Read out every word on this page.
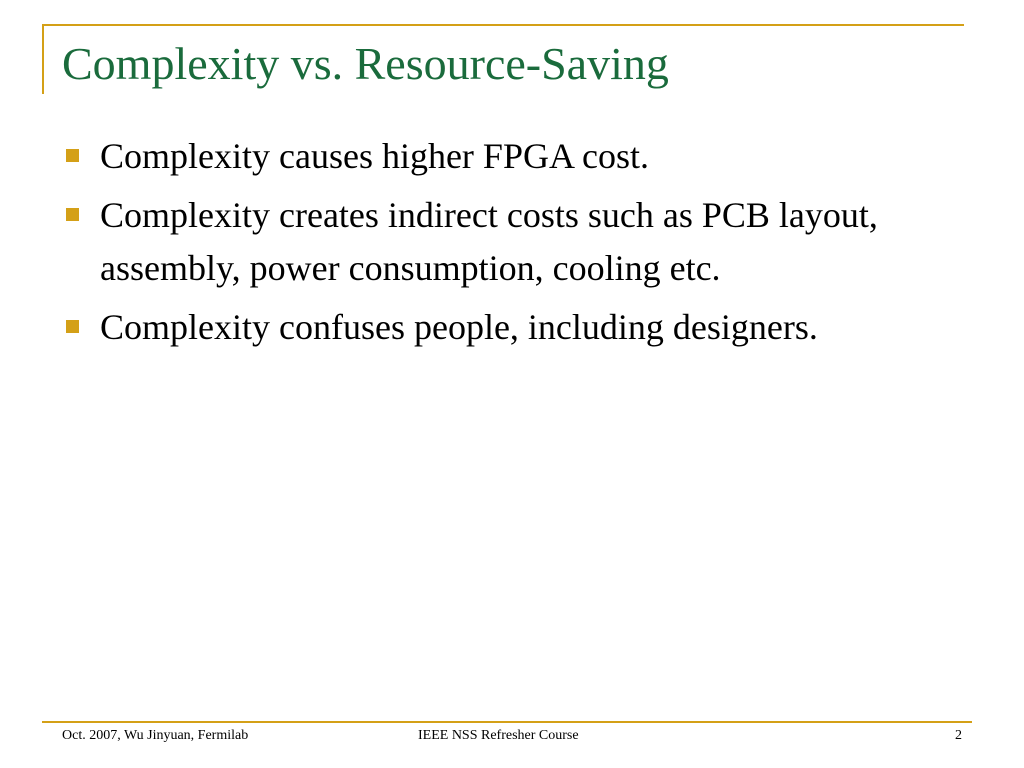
Complexity vs. Resource-Saving
Complexity causes higher FPGA cost.
Complexity creates indirect costs such as PCB layout, assembly, power consumption, cooling etc.
Complexity confuses people, including designers.
Oct. 2007, Wu Jinyuan, Fermilab	IEEE NSS Refresher Course	2
